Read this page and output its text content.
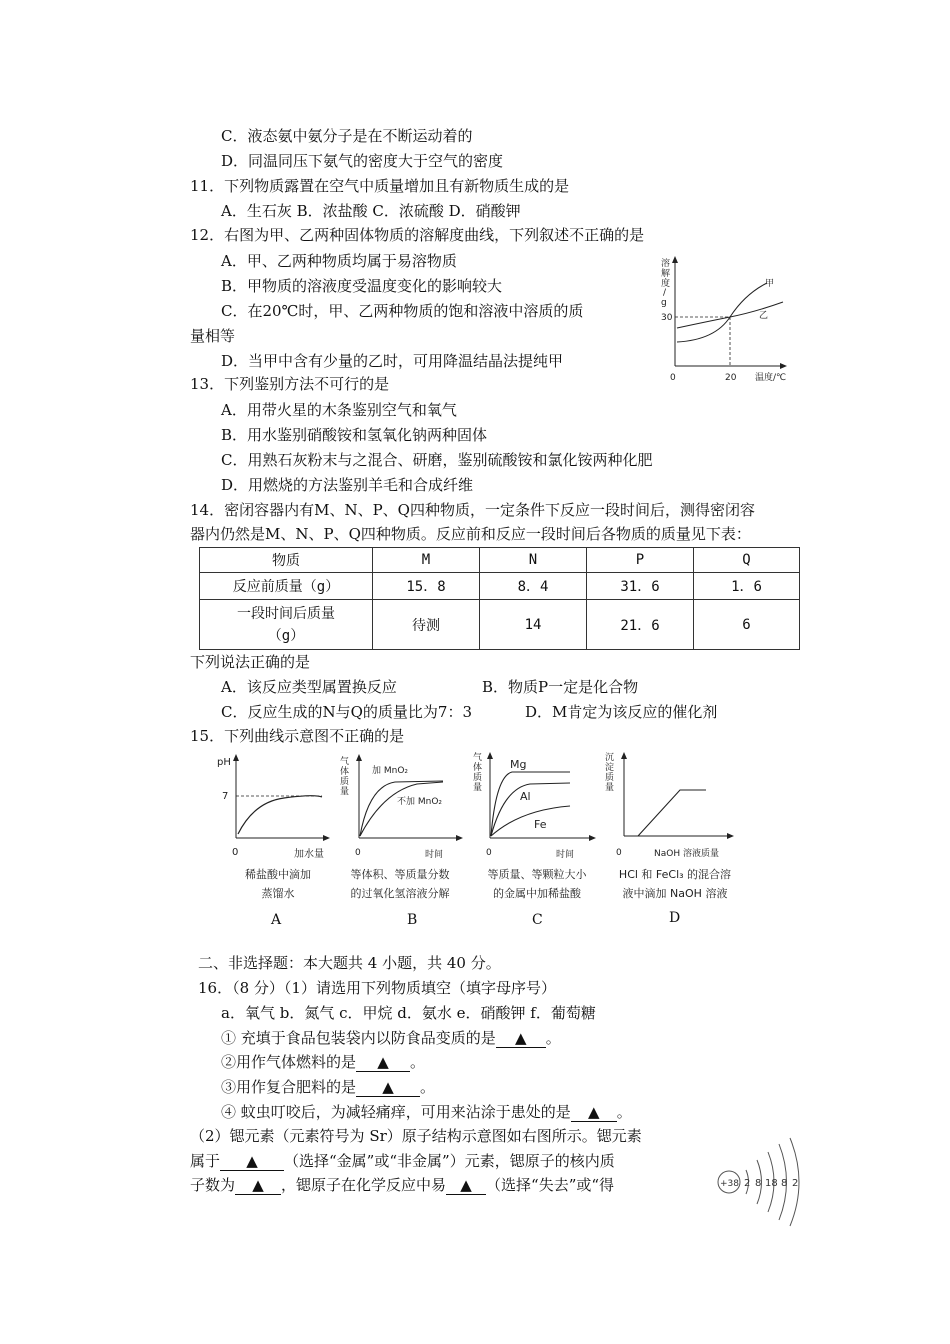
C．液态氨中氨分子是在不断运动着的
D．同温同压下氨气的密度大于空气的密度
11．下列物质露置在空气中质量增加且有新物质生成的是
A．生石灰 B．浓盐酸 C．浓硫酸 D．硝酸钾
12．右图为甲、乙两种固体物质的溶解度曲线，下列叙述不正确的是
A．甲、乙两种物质均属于易溶物质
B．甲物质的溶液度受温度变化的影响较大
C．在20℃时，甲、乙两种物质的饱和溶液中溶质的质
量相等
D．当甲中含有少量的乙时，可用降温结晶法提纯甲
溶
解
度
/
g
30
0	20 温度/℃
甲
乙
13．下列鉴别方法不可行的是
A．用带火星的木条鉴别空气和氧气
B．用水鉴别硝酸铵和氢氧化钠两种固体
C．用熟石灰粉末与之混合、研磨，鉴别硫酸铵和氯化铵两种化肥
D．用燃烧的方法鉴别羊毛和合成纤维
14．密闭容器内有M、N、P、Q四种物质，一定条件下反应一段时间后，测得密闭容
器内仍然是M、N、P、Q四种物质。反应前和反应一段时间后各物质的质量见下表：
物质	M	N	P	Q
反应前质量（g）	15．8	8．4	31．6	1．6

一段时间后质量
（g）	待测	14	21．6	6
下列说法正确的是
A．该反应类型属置换反应	B．物质P一定是化合物
C．反应生成的N与Q的质量比为7：3	D．M肯定为该反应的催化剂
15．下列曲线示意图不正确的是
pH
7
0	加水量
稀盐酸中滴加
蒸馏水
A
气
体
质
量
加 MnO₂
不加 MnO₂
0	时间
等体积、等质量分数
的过氧化氢溶液分解
B
气
体
质
量
Mg
Al
Fe
0	时间
等质量、等颗粒大小
的金属中加稀盐酸
C
沉
淀
质
量
0	NaOH 溶液质量
HCl 和 FeCl₃ 的混合溶
液中滴加 NaOH 溶液
D
二、非选择题：本大题共 4 小题，共 40 分。
16．（8 分）（1）请选用下列物质填空（填字母序号）
a．氧气 b．氮气 c．甲烷 d．氨水 e．硝酸钾 f．葡萄糖
① 充填于食品包装袋内以防食品变质的是 ▲ 。
②用作气体燃料的是 ▲ 。
③用作复合肥料的是 ▲ 。
④ 蚊虫叮咬后，为减轻痛痒，可用来沾涂于患处的是 ▲ 。
（2）锶元素（元素符号为 Sr）原子结构示意图如右图所示。锶元素
属于 ▲ （选择“金属”或“非金属”）元素，锶原子的核内质
子数为 ▲ ，锶原子在化学反应中易 ▲ （选择“失去”或“得	+38 2 8 18 8 2
